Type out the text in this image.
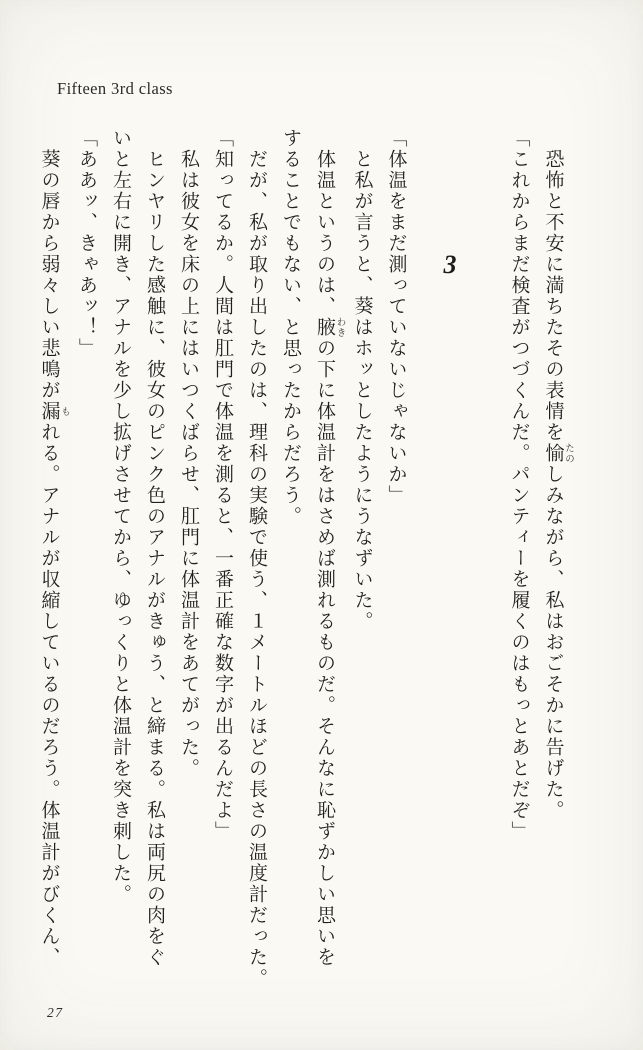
Fifteen 3rd class
恐怖と不安に満ちたその表情を愉 たのしみながら、私はおごそかに告げた。
「これからまだ検査がつづくんだ。パンティーを履くのはもっとあとだぞ」
3
「体温をまだ測っていないじゃないか」
と私が言うと、葵はホッとしたようにうなずいた。
体温というのは、腋 わきの下に体温計をはさめば測れるものだ。そんなに恥ずかしい思いを
することでもない、と思ったからだろう。
だが、私が取り出したのは、理科の実験で使う、１メートルほどの長さの温度計だった。
「知ってるか。人間は肛門で体温を測ると、一番正確な数字が出るんだよ」
私は彼女を床の上にはいつくばらせ、肛門に体温計をあてがった。
ヒンヤリした感触に、彼女のピンク色のアナルがきゅう、と締まる。私は両尻の肉をぐ
いと左右に開き、アナルを少し拡げさせてから、ゆっくりと体温計を突き刺した。
「ああッ、きゃあッ！」
葵の唇から弱々しい悲鳴が漏 もれる。アナルが収縮しているのだろう。体温計がびくん、
27
